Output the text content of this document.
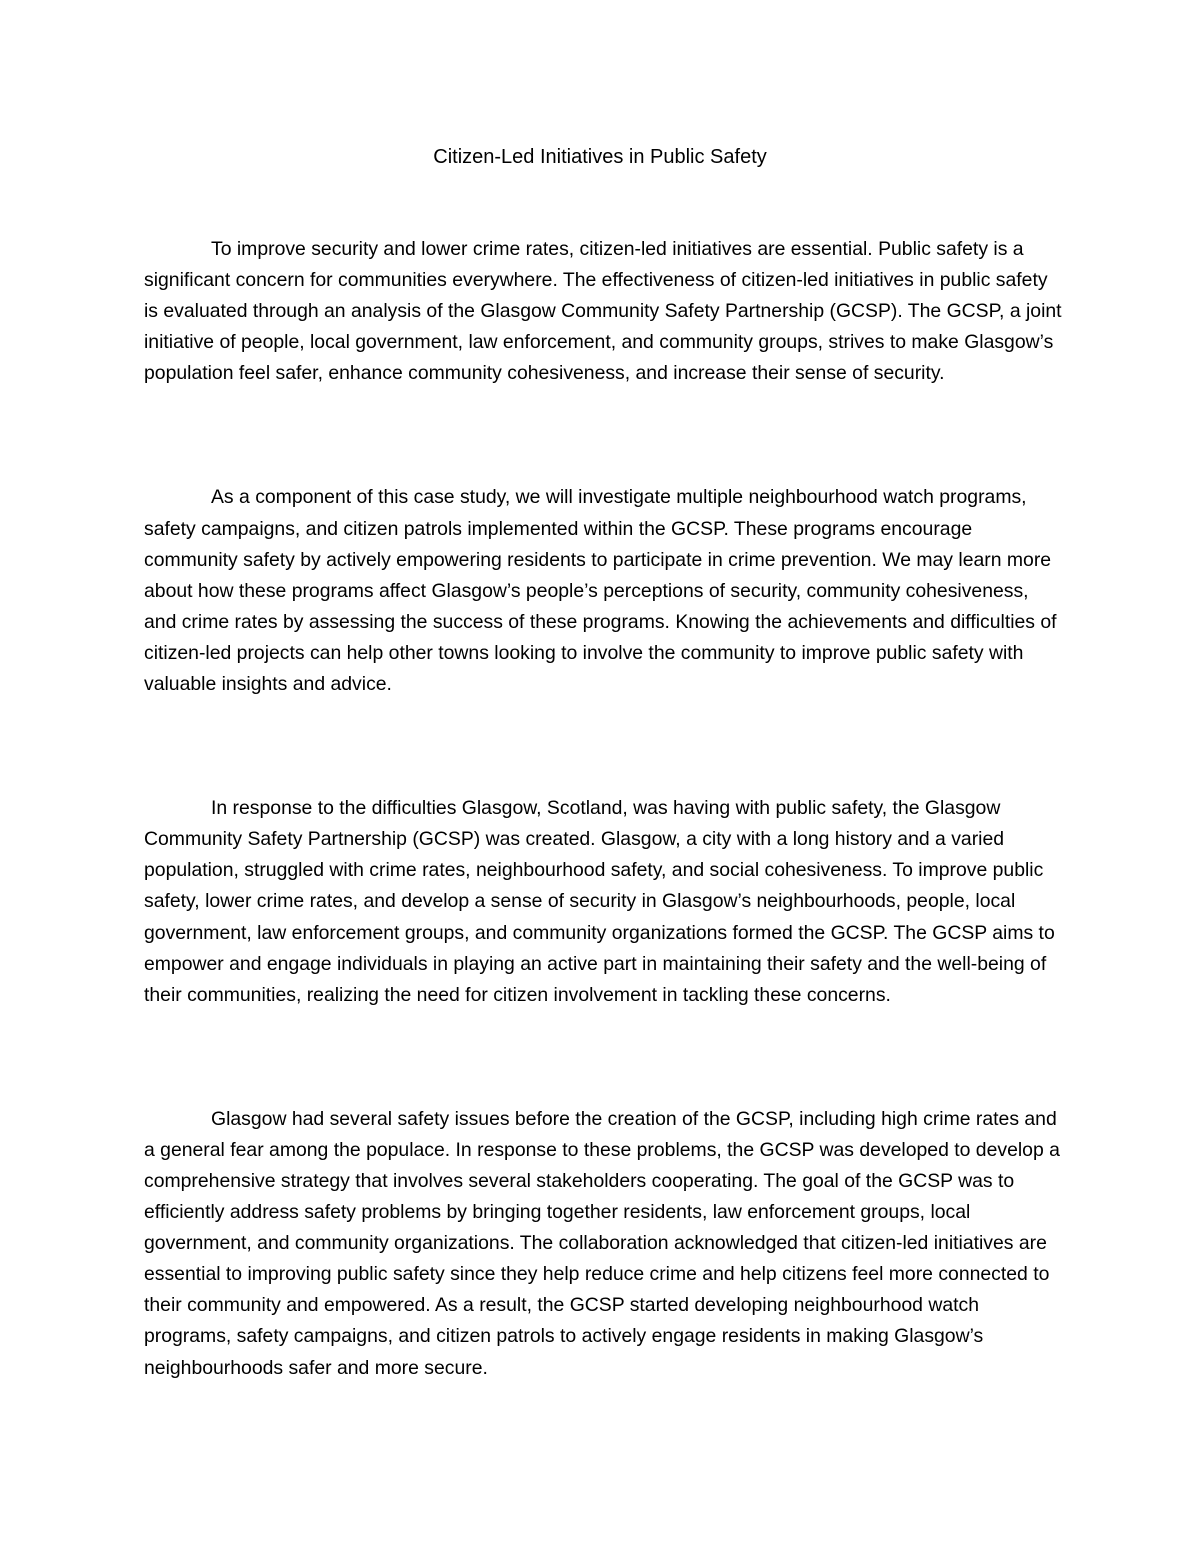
Citizen-Led Initiatives in Public Safety

To improve security and lower crime rates, citizen-led initiatives are essential. Public safety is a significant concern for communities everywhere. The effectiveness of citizen-led initiatives in public safety is evaluated through an analysis of the Glasgow Community Safety Partnership (GCSP). The GCSP, a joint initiative of people, local government, law enforcement, and community groups, strives to make Glasgow’s population feel safer, enhance community cohesiveness, and increase their sense of security.

As a component of this case study, we will investigate multiple neighbourhood watch programs, safety campaigns, and citizen patrols implemented within the GCSP. These programs encourage community safety by actively empowering residents to participate in crime prevention. We may learn more about how these programs affect Glasgow’s people’s perceptions of security, community cohesiveness, and crime rates by assessing the success of these programs. Knowing the achievements and difficulties of citizen-led projects can help other towns looking to involve the community to improve public safety with valuable insights and advice.

In response to the difficulties Glasgow, Scotland, was having with public safety, the Glasgow Community Safety Partnership (GCSP) was created. Glasgow, a city with a long history and a varied population, struggled with crime rates, neighbourhood safety, and social cohesiveness. To improve public safety, lower crime rates, and develop a sense of security in Glasgow’s neighbourhoods, people, local government, law enforcement groups, and community organizations formed the GCSP. The GCSP aims to empower and engage individuals in playing an active part in maintaining their safety and the well-being of their communities, realizing the need for citizen involvement in tackling these concerns.

Glasgow had several safety issues before the creation of the GCSP, including high crime rates and a general fear among the populace. In response to these problems, the GCSP was developed to develop a comprehensive strategy that involves several stakeholders cooperating. The goal of the GCSP was to efficiently address safety problems by bringing together residents, law enforcement groups, local government, and community organizations. The collaboration acknowledged that citizen-led initiatives are essential to improving public safety since they help reduce crime and help citizens feel more connected to their community and empowered. As a result, the GCSP started developing neighbourhood watch programs, safety campaigns, and citizen patrols to actively engage residents in making Glasgow’s neighbourhoods safer and more secure.
